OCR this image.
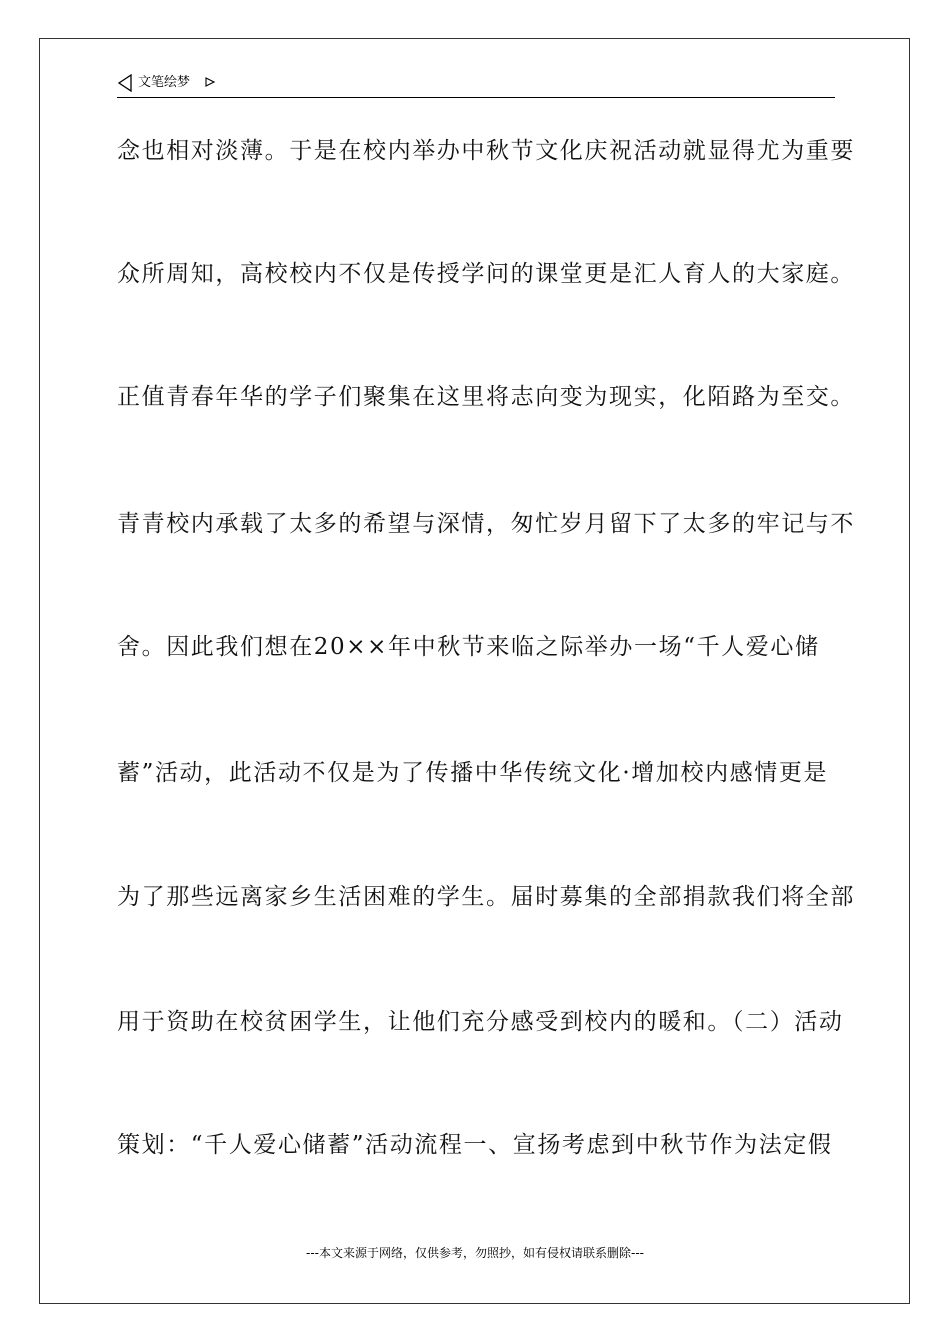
文笔绘梦
念也相对淡薄。于是在校内举办中秋节文化庆祝活动就显得尤为重要
众所周知，高校校内不仅是传授学问的课堂更是汇人育人的大家庭。
正值青春年华的学子们聚集在这里将志向变为现实，化陌路为至交。
青青校内承载了太多的希望与深情，匆忙岁月留下了太多的牢记与不
舍。因此我们想在20××年中秋节来临之际举办一场“千人爱心储
蓄”活动，此活动不仅是为了传播中华传统文化·增加校内感情更是
为了那些远离家乡生活困难的学生。届时募集的全部捐款我们将全部
用于资助在校贫困学生，让他们充分感受到校内的暖和。（二）活动
策划：“千人爱心储蓄”活动流程一、宣扬考虑到中秋节作为法定假
---本文来源于网络，仅供参考，勿照抄，如有侵权请联系删除---
